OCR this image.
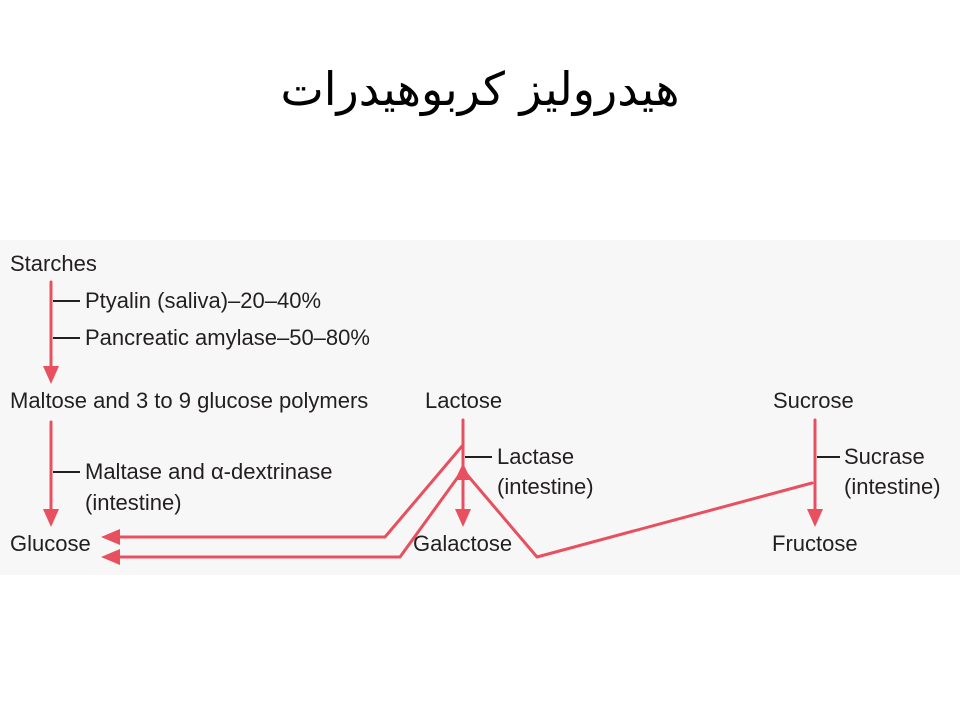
هیدرولیز کربوهیدرات
Starches
Maltose and 3 to 9 glucose polymers
Glucose
Lactose
Galactose
Sucrose
Fructose
Ptyalin (saliva)–20–40%
Pancreatic amylase–50–80%
Maltase and α-dextrinase
(intestine)
Lactase
(intestine)
Sucrase
(intestine)
